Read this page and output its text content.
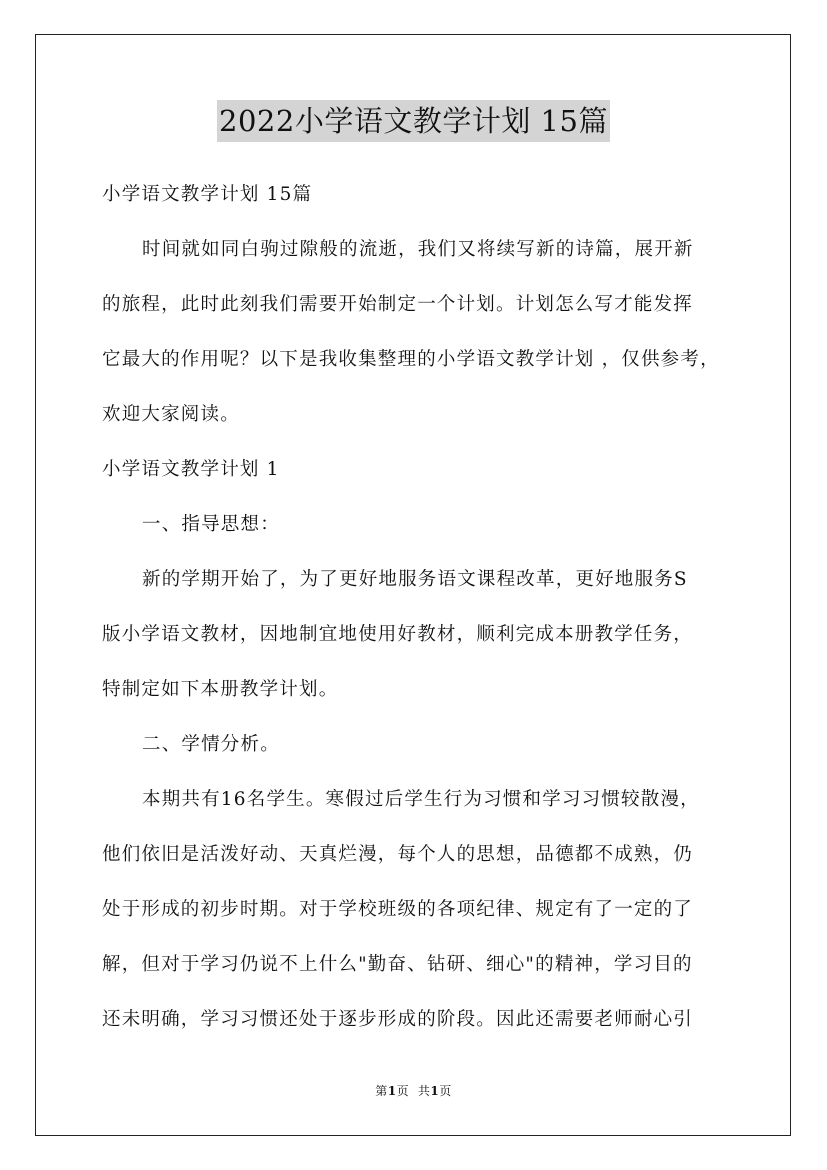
2022小学语文教学计划 15篇
小学语文教学计划 15篇
时间就如同白驹过隙般的流逝，我们又将续写新的诗篇，展开新
的旅程，此时此刻我们需要开始制定一个计划。计划怎么写才能发挥
它最大的作用呢？以下是我收集整理的小学语文教学计划 ，仅供参考，
欢迎大家阅读。
小学语文教学计划 1
一、指导思想：
新的学期开始了，为了更好地服务语文课程改革，更好地服务S
版小学语文教材，因地制宜地使用好教材，顺利完成本册教学任务，
特制定如下本册教学计划。
二、学情分析。
本期共有16名学生。寒假过后学生行为习惯和学习习惯较散漫，
他们依旧是活泼好动、天真烂漫，每个人的思想，品德都不成熟，仍
处于形成的初步时期。对于学校班级的各项纪律、规定有了一定的了
解，但对于学习仍说不上什么"勤奋、钻研、细心"的精神，学习目的
还未明确，学习习惯还处于逐步形成的阶段。因此还需要老师耐心引
第1页 共1页
